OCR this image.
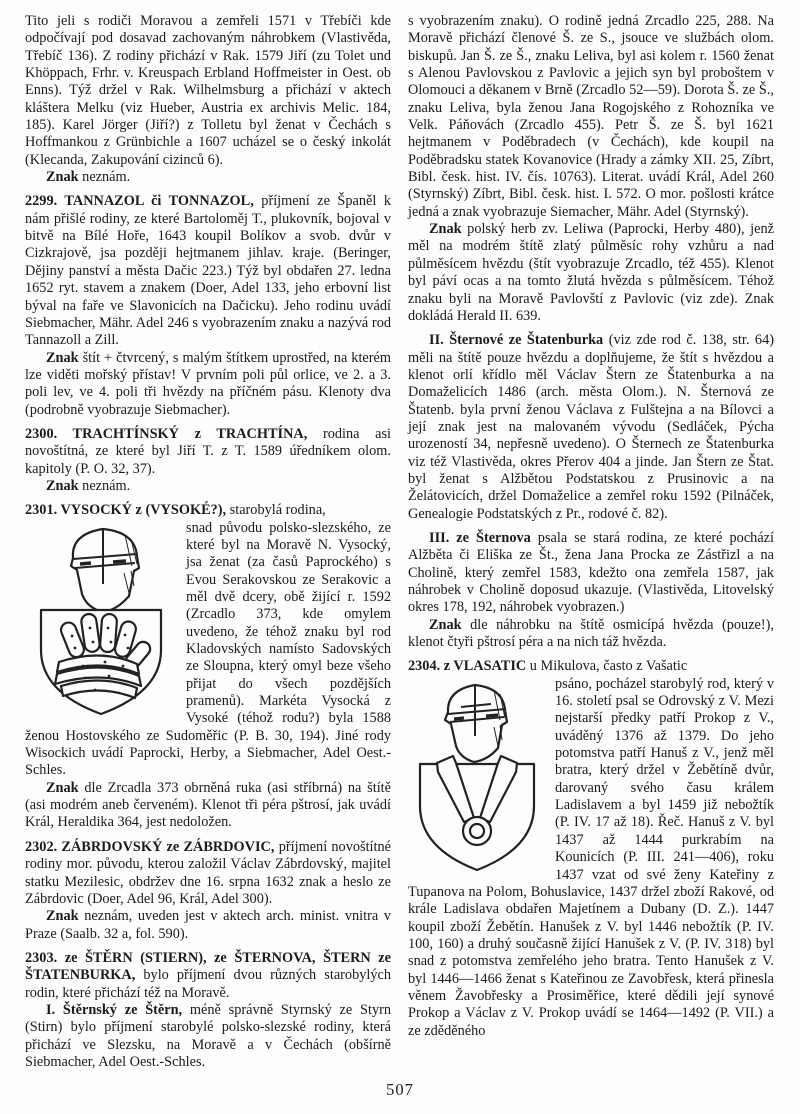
Tito jeli s rodiči Moravou a zemřeli 1571 v Třebíči kde odpočívají pod dosavad zachovaným náhrobkem (Vlastivěda, Třebíč 136). Z rodiny přichází v Rak. 1579 Jiří (zu Tolet und Khöppach, Frhr. v. Kreuspach Erbland Hoffmeister in Oest. ob Enns). Týž držel v Rak. Wilhelmsburg a přichází v aktech kláštera Melku (viz Hueber, Austria ex archivis Melic. 184, 185). Karel Jörger (Jiří?) z Tolletu byl ženat v Čechách s Hoffmankou z Grünbichle a 1607 ucházel se o český inkolát (Klecanda, Zakupování cizinců 6).

Znak neznám.

2299. TANNAZOL či TONNAZOL, příjmení ze Španěl k nám přišlé rodiny, ze které Bartoloměj T., plukovník, bojoval v bitvě na Bílé Hoře, 1643 koupil Bolíkov a svob. dvůr v Cizkrajově, jsa později hejtmanem jihlav. kraje. (Beringer, Dějiny panství a města Dačic 223.) Týž byl obdařen 27. ledna 1652 ryt. stavem a znakem (Doer, Adel 133, jeho erbovní list býval na faře ve Slavonicích na Dačicku). Jeho rodinu uvádí Siebmacher, Mähr. Adel 246 s vyobrazením znaku a nazývá rod Tannazoll a Zill.

Znak štít + čtvrcený, s malým štítkem uprostřed, na kterém lze viděti mořský přístav! V prvním poli půl orlice, ve 2. a 3. poli lev, ve 4. poli tři hvězdy na příčném pásu. Klenoty dva (podrobně vyobrazuje Siebmacher).

2300. TRACHTÍNSKÝ z TRACHTÍNA, rodina asi novoštítná, ze které byl Jiří T. z T. 1589 úředníkem olom. kapitoly (P. O. 32, 37).

Znak neznám.

2301. VYSOCKÝ z (VYSOKÉ?), starobylá rodina,

snad původu polsko-slezského, ze které byl na Moravě N. Vysocký, jsa ženat (za časů Paprockého) s Evou Serakovskou ze Serakovic a měl dvě dcery, obě žijící r. 1592 (Zrcadlo 373, kde omylem uvedeno, že téhož znaku byl rod Kladovských namísto Sadovských ze Sloupna, který omyl beze všeho přijat do všech pozdějších pramenů). Markéta Vysocká z Vysoké (téhož rodu?) byla 1588 ženou Hostovského ze Sudoměřic (P. B. 30, 194). Jiné rody Wisockich uvádí Paprocki, Herby, a Siebmacher, Adel Oest.-Schles.

Znak dle Zrcadla 373 obrněná ruka (asi stříbrná) na štítě (asi modrém aneb červeném). Klenot tři péra pštrosí, jak uvádí Král, Heraldika 364, jest nedoložen.

2302. ZÁBRDOVSKÝ ze ZÁBRDOVIC, příjmení novoštítné rodiny mor. původu, kterou založil Václav Zábrdovský, majitel statku Mezilesic, obdržev dne 16. srpna 1632 znak a heslo ze Zábrdovic (Doer, Adel 96, Král, Adel 300).

Znak neznám, uveden jest v aktech arch. minist. vnitra v Praze (Saalb. 32 a, fol. 590).

2303. ze ŠTĚRN (STIERN), ze ŠTERNOVA, ŠTERN ze ŠTATENBURKA, bylo příjmení dvou různých starobylých rodin, které přichází též na Moravě.

I. Štěrnský ze Štěrn, méně správně Styrnský ze Styrn (Stirn) bylo příjmení starobylé polsko-slezské rodiny, která přichází ve Slezsku, na Moravě a v Čechách (obšírně Siebmacher, Adel Oest.-Schles.

s vyobrazením znaku). O rodině jedná Zrcadlo 225, 288. Na Moravě přichází členové Š. ze S., jsouce ve službách olom. biskupů. Jan Š. ze Š., znaku Leliva, byl asi kolem r. 1560 ženat s Alenou Pavlovskou z Pavlovic a jejich syn byl proboštem v Olomouci a děkanem v Brně (Zrcadlo 52—59). Dorota Š. ze Š., znaku Leliva, byla ženou Jana Rogojského z Rohozníka ve Velk. Páňovách (Zrcadlo 455). Petr Š. ze Š. byl 1621 hejtmanem v Poděbradech (v Čechách), kde koupil na Poděbradsku statek Kovanovice (Hrady a zámky XII. 25, Zíbrt, Bibl. česk. hist. IV. čís. 10763). Literat. uvádí Král, Adel 260 (Styrnský) Zíbrt, Bibl. česk. hist. I. 572. O mor. pošlosti krátce jedná a znak vyobrazuje Siemacher, Mähr. Adel (Styrnský).

Znak polský herb zv. Leliwa (Paprocki, Herby 480), jenž měl na modrém štítě zlatý půlměsíc rohy vzhůru a nad půlměsícem hvězdu (štít vyobrazuje Zrcadlo, též 455). Klenot byl páví ocas a na tomto žlutá hvězda s půlměsícem. Téhož znaku byli na Moravě Pavlovští z Pavlovic (viz zde). Znak dokládá Herald II. 639.

II. Šternové ze Štatenburka (viz zde rod č. 138, str. 64) měli na štítě pouze hvězdu a doplňujeme, že štít s hvězdou a klenot orlí křídlo měl Václav Štern ze Štatenburka a na Domaželicích 1486 (arch. města Olom.). N. Šternová ze Štatenb. byla první ženou Václava z Fulštejna a na Bílovci a její znak jest na malovaném vývodu (Sedláček, Pýcha urozeností 34, nepřesně uvedeno). O Šternech ze Štatenburka viz též Vlastivěda, okres Přerov 404 a jinde. Jan Štern ze Štat. byl ženat s Alžbětou Podstatskou z Prusinovic a na Želátovicích, držel Domaželice a zemřel roku 1592 (Pilnáček, Genealogie Podstatských z Pr., rodové č. 82).

III. ze Šternova psala se stará rodina, ze které pochází Alžběta či Eliška ze Št., žena Jana Procka ze Zástřizl a na Cholině, který zemřel 1583, kdežto ona zemřela 1587, jak náhrobek v Cholině doposud ukazuje. (Vlastivěda, Litovelský okres 178, 192, náhrobek vyobrazen.)

Znak dle náhrobku na štítě osmicípá hvězda (pouze!), klenot čtyři pštrosí péra a na nich táž hvězda.

2304. z VLASATIC u Mikulova, často z Vašatic

psáno, pocházel starobylý rod, který v 16. století psal se Odrovský z V. Mezi nejstarší předky patří Prokop z V., uváděný 1376 až 1379. Do jeho potomstva patří Hanuš z V., jenž měl bratra, který držel v Žebětíně dvůr, darovaný svého času králem Ladislavem a byl 1459 již nebožtík (P. IV. 17 až 18). Řeč. Hanuš z V. byl 1437 až 1444 purkrabím na Kounicích (P. III. 241—406), roku 1437 vzat od své ženy Kateřiny z Tupanova na Polom, Bohuslavice, 1437 držel zboží Rakové, od krále Ladislava obdařen Majetínem a Dubany (D. Z.). 1447 koupil zboží Žebětín. Hanušek z V. byl 1446 nebožtík (P. IV. 100, 160) a druhý současně žijící Hanušek z V. (P. IV. 318) byl snad z potomstva zemřelého jeho bratra. Tento Hanušek z V. byl 1446—1466 ženat s Kateřinou ze Zavobřesk, která přinesla věnem Žavobřesky a Prosiměřice, které dědili její synové Prokop a Václav z V. Prokop uvádí se 1464—1492 (P. VII.) a ze zděděného

507
